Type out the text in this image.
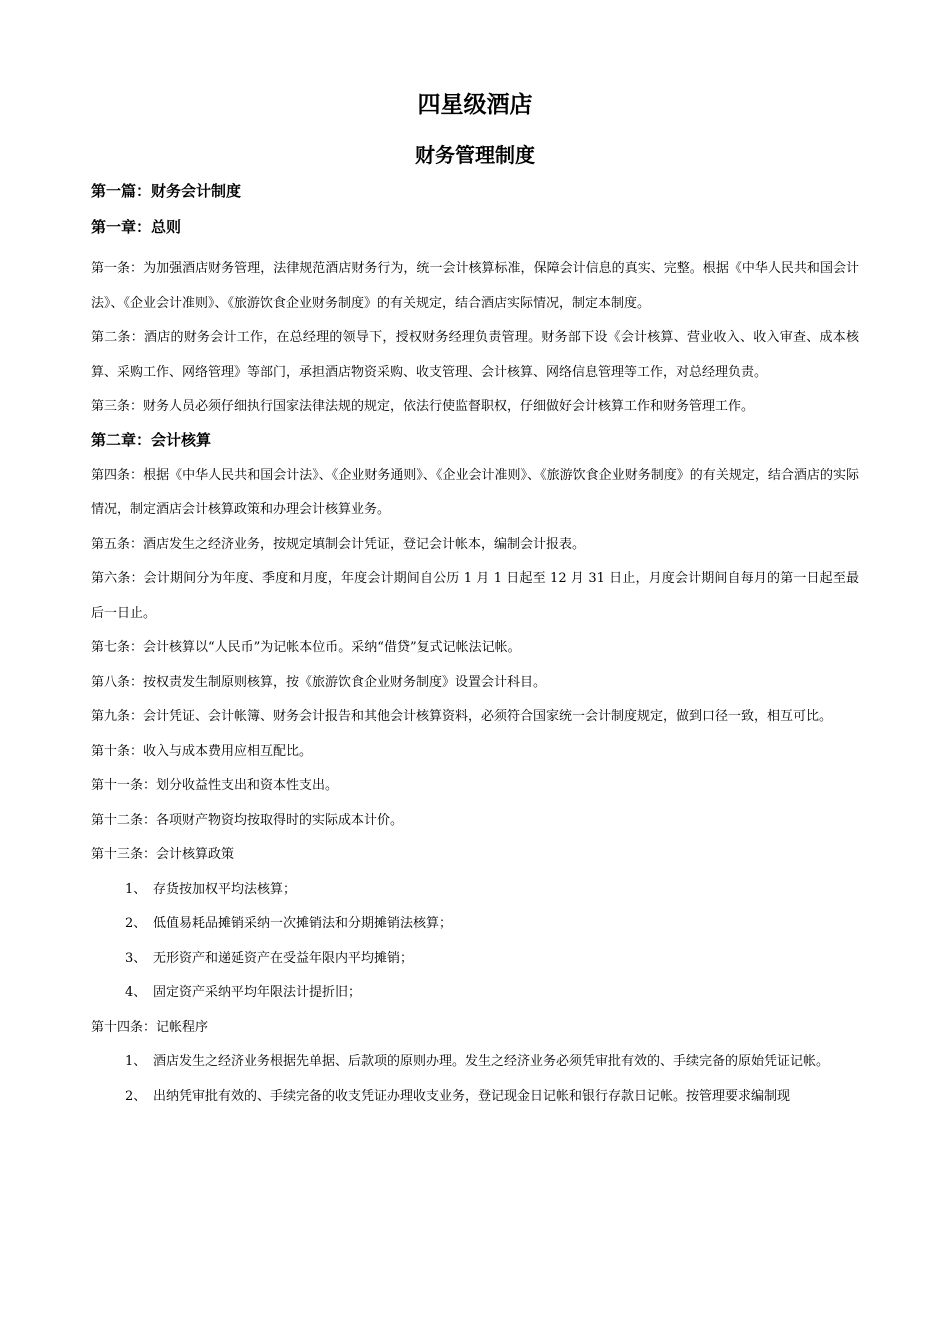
四星级酒店
财务管理制度
第一篇：财务会计制度
第一章：总则

第一条：为加强酒店财务管理，法律规范酒店财务行为，统一会计核算标准，保障会计信息的真实、完整。根据《中华人民共和国会计法》、《企业会计准则》、《旅游饮食企业财务制度》的有关规定，结合酒店实际情况，制定本制度。

第二条：酒店的财务会计工作，在总经理的领导下，授权财务经理负责管理。财务部下设《会计核算、营业收入、收入审查、成本核算、采购工作、网络管理》等部门，承担酒店物资采购、收支管理、会计核算、网络信息管理等工作，对总经理负责。

第三条：财务人员必须仔细执行国家法律法规的规定，依法行使监督职权，仔细做好会计核算工作和财务管理工作。

第二章：会计核算

第四条：根据《中华人民共和国会计法》、《企业财务通则》、《企业会计准则》、《旅游饮食企业财务制度》的有关规定，结合酒店的实际情况，制定酒店会计核算政策和办理会计核算业务。

第五条：酒店发生之经济业务，按规定填制会计凭证，登记会计帐本，编制会计报表。

第六条：会计期间分为年度、季度和月度，年度会计期间自公历 1 月 1 日起至 12 月 31 日止，月度会计期间自每月的第一日起至最后一日止。

第七条：会计核算以“人民币”为记帐本位币。采纳“借贷”复式记帐法记帐。

第八条：按权责发生制原则核算，按《旅游饮食企业财务制度》设置会计科目。

第九条：会计凭证、会计帐簿、财务会计报告和其他会计核算资料，必须符合国家统一会计制度规定，做到口径一致，相互可比。

第十条：收入与成本费用应相互配比。

第十一条：划分收益性支出和资本性支出。

第十二条：各项财产物资均按取得时的实际成本计价。

第十三条：会计核算政策

1、 存货按加权平均法核算；
2、 低值易耗品摊销采纳一次摊销法和分期摊销法核算；
3、 无形资产和递延资产在受益年限内平均摊销；
4、 固定资产采纳平均年限法计提折旧；

第十四条：记帐程序

1、 酒店发生之经济业务根据先单据、后款项的原则办理。发生之经济业务必须凭审批有效的、手续完备的原始凭证记帐。
2、 出纳凭审批有效的、手续完备的收支凭证办理收支业务，登记现金日记帐和银行存款日记帐。按管理要求编制现
